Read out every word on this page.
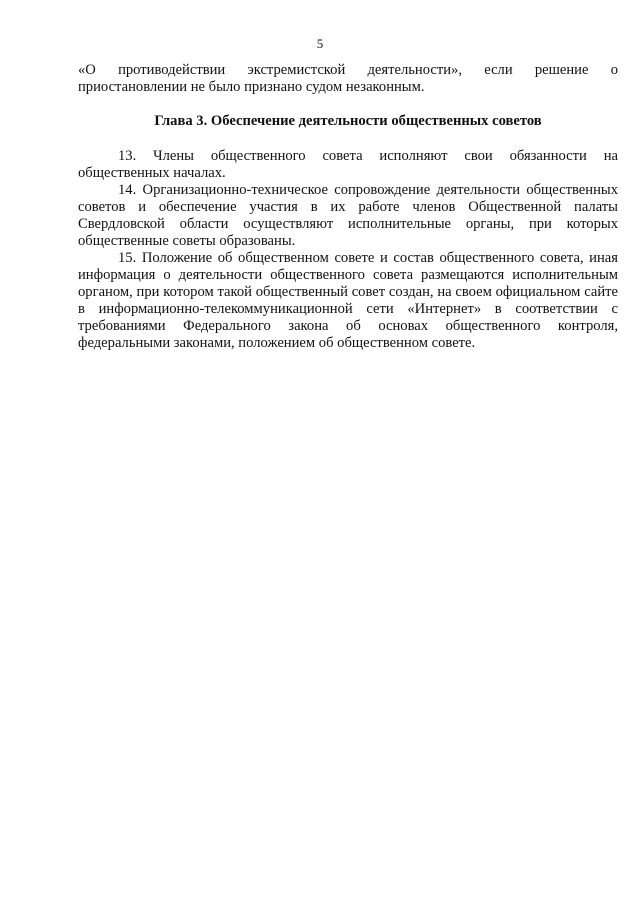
5

«О противодействии экстремистской деятельности», если решение о приостановлении не было признано судом незаконным.

Глава 3. Обеспечение деятельности общественных советов

13. Члены общественного совета исполняют свои обязанности на общественных началах.

14. Организационно-техническое сопровождение деятельности общественных советов и обеспечение участия в их работе членов Общественной палаты Свердловской области осуществляют исполнительные органы, при которых общественные советы образованы.

15. Положение об общественном совете и состав общественного совета, иная информация о деятельности общественного совета размещаются исполнительным органом, при котором такой общественный совет создан, на своем официальном сайте в информационно-телекоммуникационной сети «Интернет» в соответствии с требованиями Федерального закона об основах общественного контроля, федеральными законами, положением об общественном совете.
